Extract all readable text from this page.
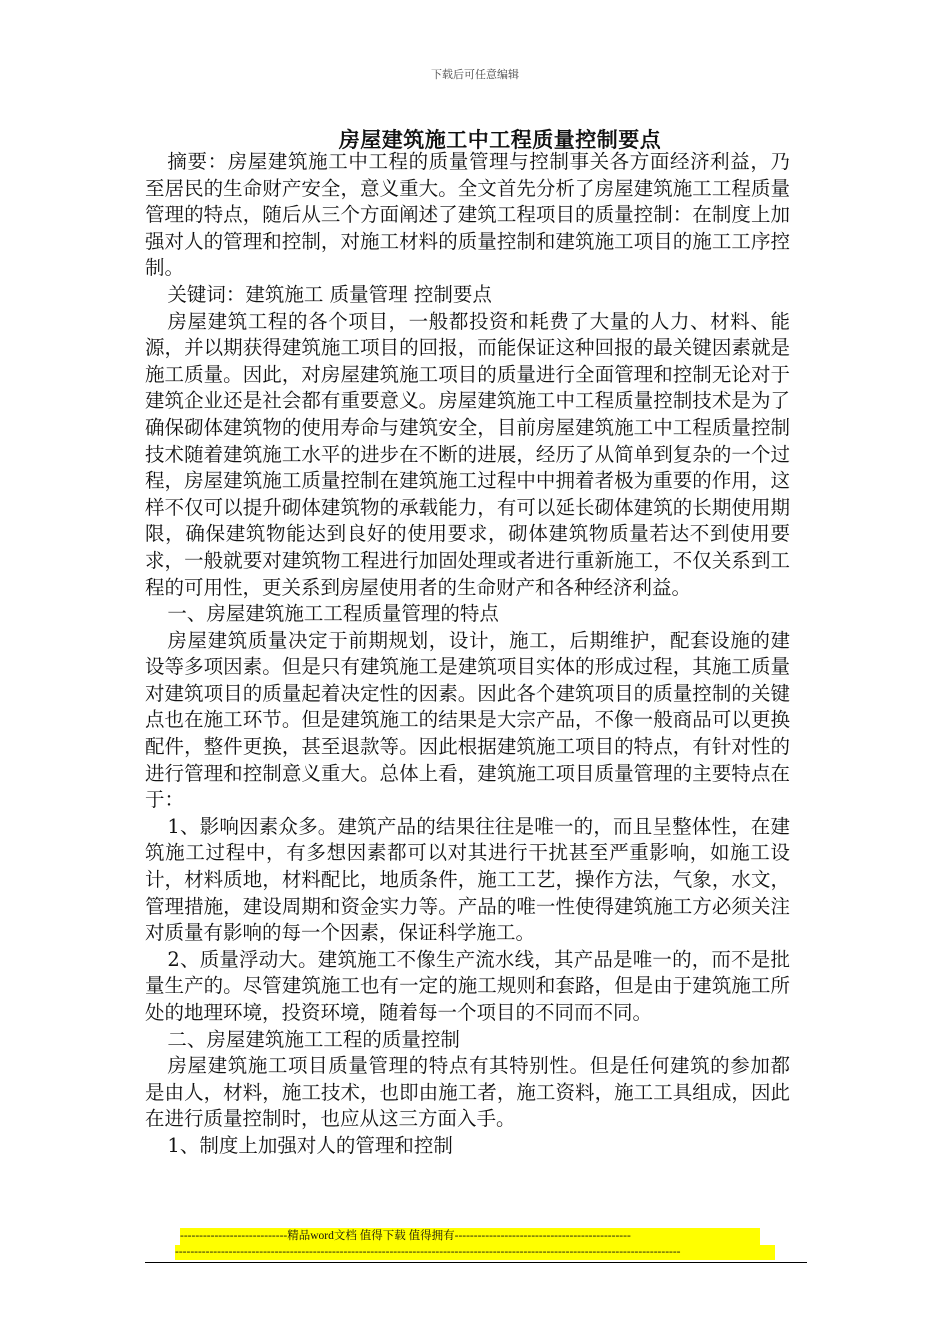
下载后可任意编辑
房屋建筑施工中工程质量控制要点

摘要：房屋建筑施工中工程的质量管理与控制事关各方面经济利益，乃至居民的生命财产安全，意义重大。全文首先分析了房屋建筑施工工程质量管理的特点，随后从三个方面阐述了建筑工程项目的质量控制：在制度上加强对人的管理和控制，对施工材料的质量控制和建筑施工项目的施工工序控制。

关键词：建筑施工 质量管理 控制要点

房屋建筑工程的各个项目，一般都投资和耗费了大量的人力、材料、能源，并以期获得建筑施工项目的回报，而能保证这种回报的最关键因素就是施工质量。因此，对房屋建筑施工项目的质量进行全面管理和控制无论对于建筑企业还是社会都有重要意义。房屋建筑施工中工程质量控制技术是为了确保砌体建筑物的使用寿命与建筑安全，目前房屋建筑施工中工程质量控制技术随着建筑施工水平的进步在不断的进展，经历了从简单到复杂的一个过程，房屋建筑施工质量控制在建筑施工过程中中拥着者极为重要的作用，这样不仅可以提升砌体建筑物的承载能力，有可以延长砌体建筑的长期使用期限，确保建筑物能达到良好的使用要求，砌体建筑物质量若达不到使用要求，一般就要对建筑物工程进行加固处理或者进行重新施工，不仅关系到工程的可用性，更关系到房屋使用者的生命财产和各种经济利益。

一、房屋建筑施工工程质量管理的特点

房屋建筑质量决定于前期规划，设计，施工，后期维护，配套设施的建设等多项因素。但是只有建筑施工是建筑项目实体的形成过程，其施工质量对建筑项目的质量起着决定性的因素。因此各个建筑项目的质量控制的关键点也在施工环节。但是建筑施工的结果是大宗产品，不像一般商品可以更换配件，整件更换，甚至退款等。因此根据建筑施工项目的特点，有针对性的进行管理和控制意义重大。总体上看，建筑施工项目质量管理的主要特点在于：

1、影响因素众多。建筑产品的结果往往是唯一的，而且呈整体性，在建筑施工过程中，有多想因素都可以对其进行干扰甚至严重影响，如施工设计，材料质地，材料配比，地质条件，施工工艺，操作方法，气象，水文，管理措施，建设周期和资金实力等。产品的唯一性使得建筑施工方必须关注对质量有影响的每一个因素，保证科学施工。

2、质量浮动大。建筑施工不像生产流水线，其产品是唯一的，而不是批量生产的。尽管建筑施工也有一定的施工规则和套路，但是由于建筑施工所处的地理环境，投资环境，随着每一个项目的不同而不同。

二、房屋建筑施工工程的质量控制

房屋建筑施工项目质量管理的特点有其特别性。但是任何建筑的参加都是由人，材料，施工技术，也即由施工者，施工资料，施工工具组成，因此在进行质量控制时，也应从这三方面入手。

1、制度上加强对人的管理和控制

----------------------------精品word文档 值得下载 值得拥有----------------------------------------------
------------------------------------------------------------------------------------------------------------------------------------
